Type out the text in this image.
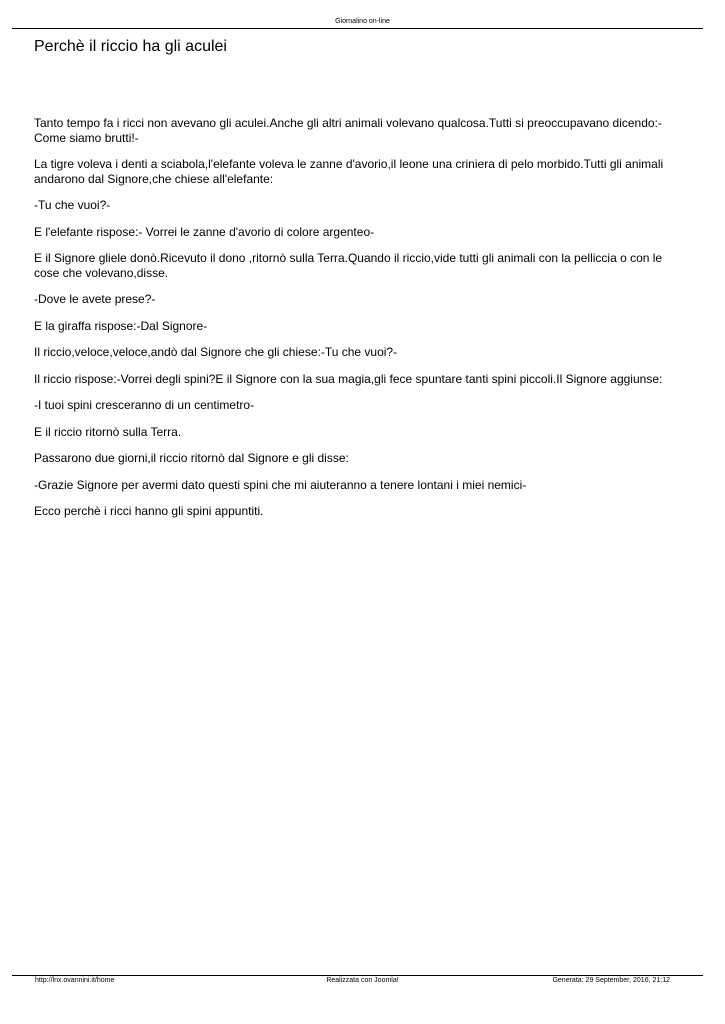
Giornalino on-line
Perchè il riccio ha gli aculei

Tanto tempo fa i ricci non avevano gli aculei.Anche gli altri animali volevano qualcosa.Tutti si preoccupavano dicendo:-Come siamo brutti!-

La tigre voleva i denti a sciabola,l'elefante voleva le zanne d'avorio,il leone una criniera di pelo morbido.Tutti gli animali andarono dal Signore,che chiese all'elefante:

-Tu che vuoi?-

E l'elefante rispose:- Vorrei le zanne d'avorio di colore argenteo-

E il Signore gliele donò.Ricevuto il dono ,ritornò sulla Terra.Quando il riccio,vide tutti gli animali con la pelliccia o con le cose che volevano,disse.

-Dove le avete prese?-

E la giraffa rispose:-Dal Signore-

Il riccio,veloce,veloce,andò dal Signore che gli chiese:-Tu che vuoi?-

Il riccio rispose:-Vorrei degli spini?E il Signore con la sua magia,gli fece spuntare tanti spini piccoli.Il Signore aggiunse:

-I tuoi spini cresceranno di un centimetro-

E il riccio ritornò sulla Terra.

Passarono due giorni,il riccio ritornò dal Signore e gli disse:

-Grazie Signore per avermi dato questi spini che mi aiuteranno a tenere lontani i miei nemici-

Ecco perchè i ricci hanno gli spini appuntiti.

http://lnx.ovannini.it/home	Realizzata con Joomla!	Generata: 29 September, 2016, 21:12
